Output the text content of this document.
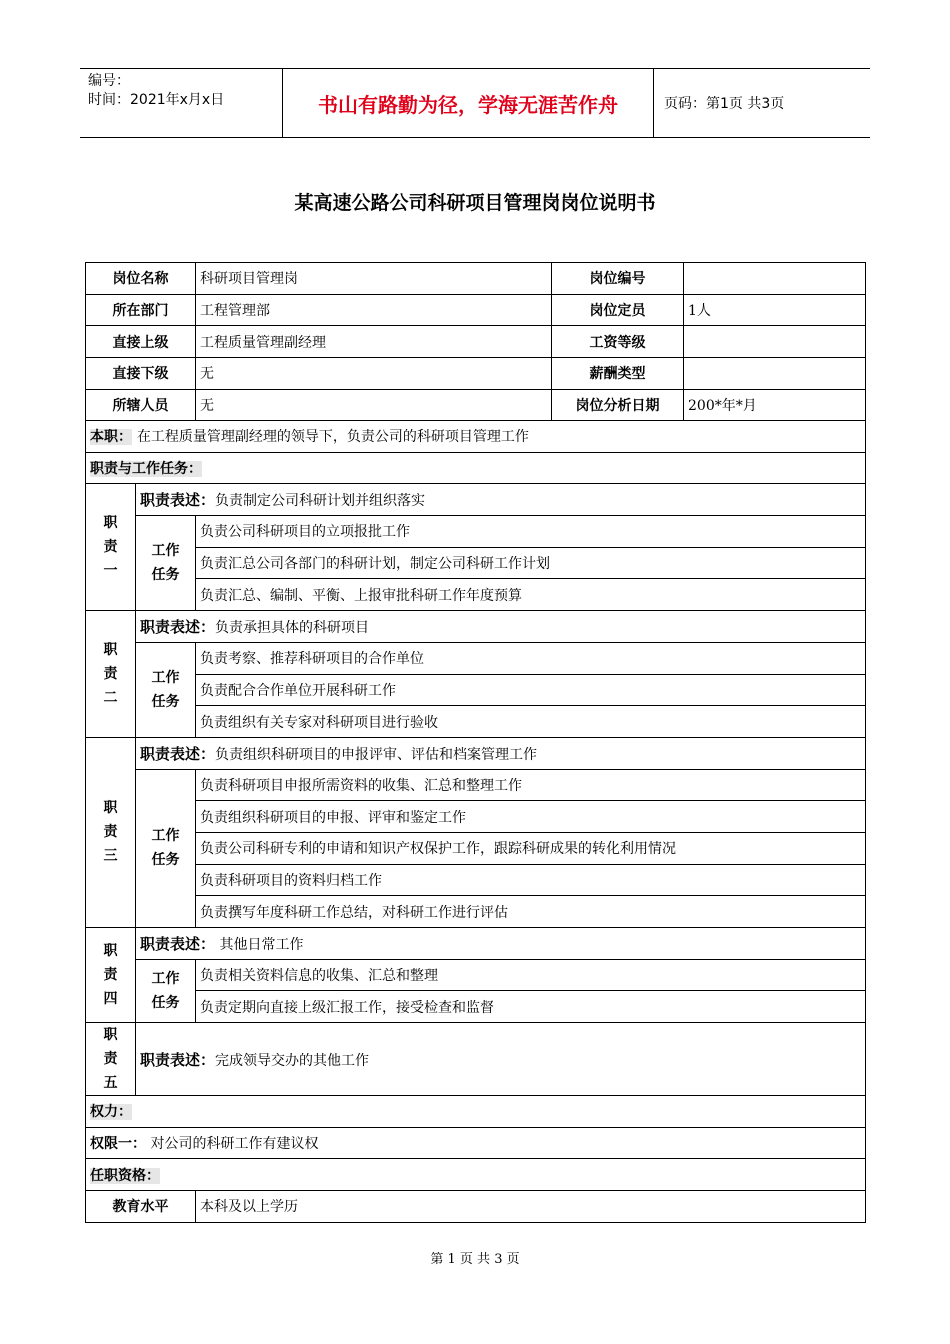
编号：
时间：2021年x月x日	书山有路勤为径，学海无涯苦作舟	页码：第1页 共3页
某高速公路公司科研项目管理岗岗位说明书
岗位名称	科研项目管理岗	岗位编号	
所在部门	工程管理部	岗位定员	1人
直接上级	工程质量管理副经理	工资等级	
直接下级	无	薪酬类型	
所辖人员	无	岗位分析日期	200*年*月
本职： 在工程质量管理副经理的领导下，负责公司的科研项目管理工作		
职责与工作任务：		
职
责
一	职责表述：负责制定公司科研计划并组织落实	
	工作
任务	负责公司科研项目的立项报批工作
		负责汇总公司各部门的科研计划，制定公司科研工作计划
		负责汇总、编制、平衡、上报审批科研工作年度预算
职
责
二	职责表述：负责承担具体的科研项目	
	工作
任务	负责考察、推荐科研项目的合作单位
		负责配合合作单位开展科研工作
		负责组织有关专家对科研项目进行验收
职
责
三	职责表述：负责组织科研项目的申报评审、评估和档案管理工作	
	工作
任务	负责科研项目申报所需资料的收集、汇总和整理工作
		负责组织科研项目的申报、评审和鉴定工作
		负责公司科研专利的申请和知识产权保护工作，跟踪科研成果的转化利用情况
		负责科研项目的资料归档工作
		负责撰写年度科研工作总结，对科研工作进行评估
职
责
四	职责表述： 其他日常工作	
	工作
任务	负责相关资料信息的收集、汇总和整理
		负责定期向直接上级汇报工作，接受检查和监督
职
责
五	职责表述：完成领导交办的其他工作	
权力：		
权限一： 对公司的科研工作有建议权		
任职资格：		
教育水平		本科及以上学历
第 1 页 共 3 页
